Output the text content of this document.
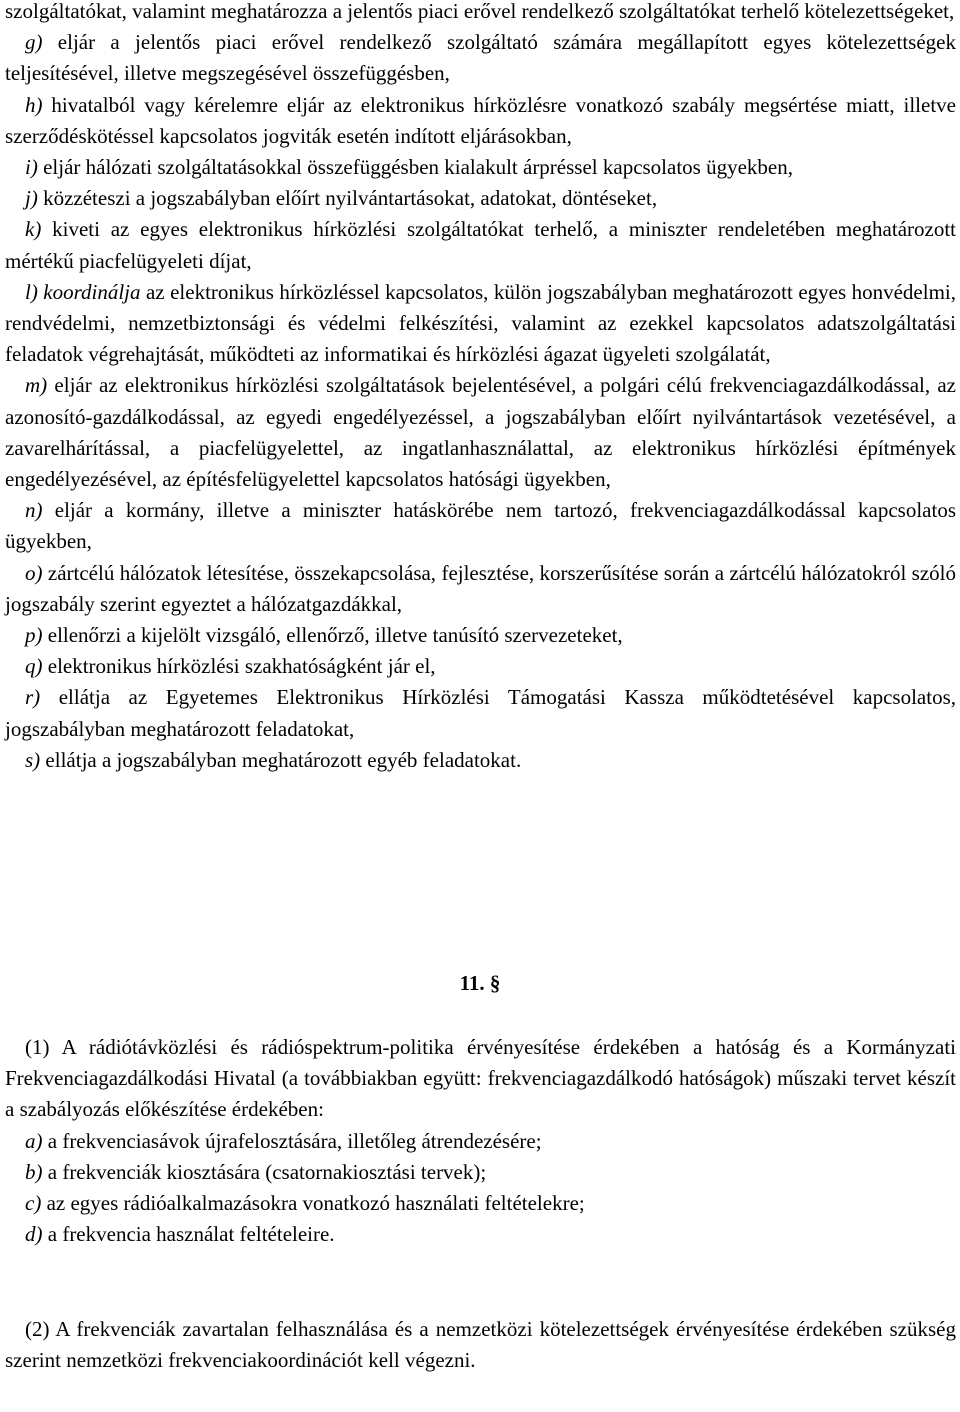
szolgáltatókat, valamint meghatározza a jelentős piaci erővel rendelkező szolgáltatókat terhelő kötelezettségeket,

g) eljár a jelentős piaci erővel rendelkező szolgáltató számára megállapított egyes kötelezettségek teljesítésével, illetve megszegésével összefüggésben,

h) hivatalból vagy kérelemre eljár az elektronikus hírközlésre vonatkozó szabály megsértése miatt, illetve szerződéskötéssel kapcsolatos jogviták esetén indított eljárásokban,

i) eljár hálózati szolgáltatásokkal összefüggésben kialakult árpréssel kapcsolatos ügyekben,

j) közzéteszi a jogszabályban előírt nyilvántartásokat, adatokat, döntéseket,

k) kiveti az egyes elektronikus hírközlési szolgáltatókat terhelő, a miniszter rendeletében meghatározott mértékű piacfelügyeleti díjat,

l) koordinálja az elektronikus hírközléssel kapcsolatos, külön jogszabályban meghatározott egyes honvédelmi, rendvédelmi, nemzetbiztonsági és védelmi felkészítési, valamint az ezekkel kapcsolatos adatszolgáltatási feladatok végrehajtását, működteti az informatikai és hírközlési ágazat ügyeleti szolgálatát,

m) eljár az elektronikus hírközlési szolgáltatások bejelentésével, a polgári célú frekvenciagazdálkodással, az azonosító-gazdálkodással, az egyedi engedélyezéssel, a jogszabályban előírt nyilvántartások vezetésével, a zavarelhárítással, a piacfelügyelettel, az ingatlanhasználattal, az elektronikus hírközlési építmények engedélyezésével, az építésfelügyelettel kapcsolatos hatósági ügyekben,

n) eljár a kormány, illetve a miniszter hatáskörébe nem tartozó, frekvenciagazdálkodással kapcsolatos ügyekben,

o) zártcélú hálózatok létesítése, összekapcsolása, fejlesztése, korszerűsítése során a zártcélú hálózatokról szóló jogszabály szerint egyeztet a hálózatgazdákkal,

p) ellenőrzi a kijelölt vizsgáló, ellenőrző, illetve tanúsító szervezeteket,

q) elektronikus hírközlési szakhatóságként jár el,

r) ellátja az Egyetemes Elektronikus Hírközlési Támogatási Kassza működtetésével kapcsolatos, jogszabályban meghatározott feladatokat,

s) ellátja a jogszabályban meghatározott egyéb feladatokat.

11. §

(1) A rádiótávközlési és rádióspektrum-politika érvényesítése érdekében a hatóság és a Kormányzati Frekvenciagazdálkodási Hivatal (a továbbiakban együtt: frekvenciagazdálkodó hatóságok) műszaki tervet készít a szabályozás előkészítése érdekében:

a) a frekvenciasávok újrafelosztására, illetőleg átrendezésére;

b) a frekvenciák kiosztására (csatornakiosztási tervek);

c) az egyes rádióalkalmazásokra vonatkozó használati feltételekre;

d) a frekvencia használat feltételeire.

(2) A frekvenciák zavartalan felhasználása és a nemzetközi kötelezettségek érvényesítése érdekében szükség szerint nemzetközi frekvenciakoordinációt kell végezni.
